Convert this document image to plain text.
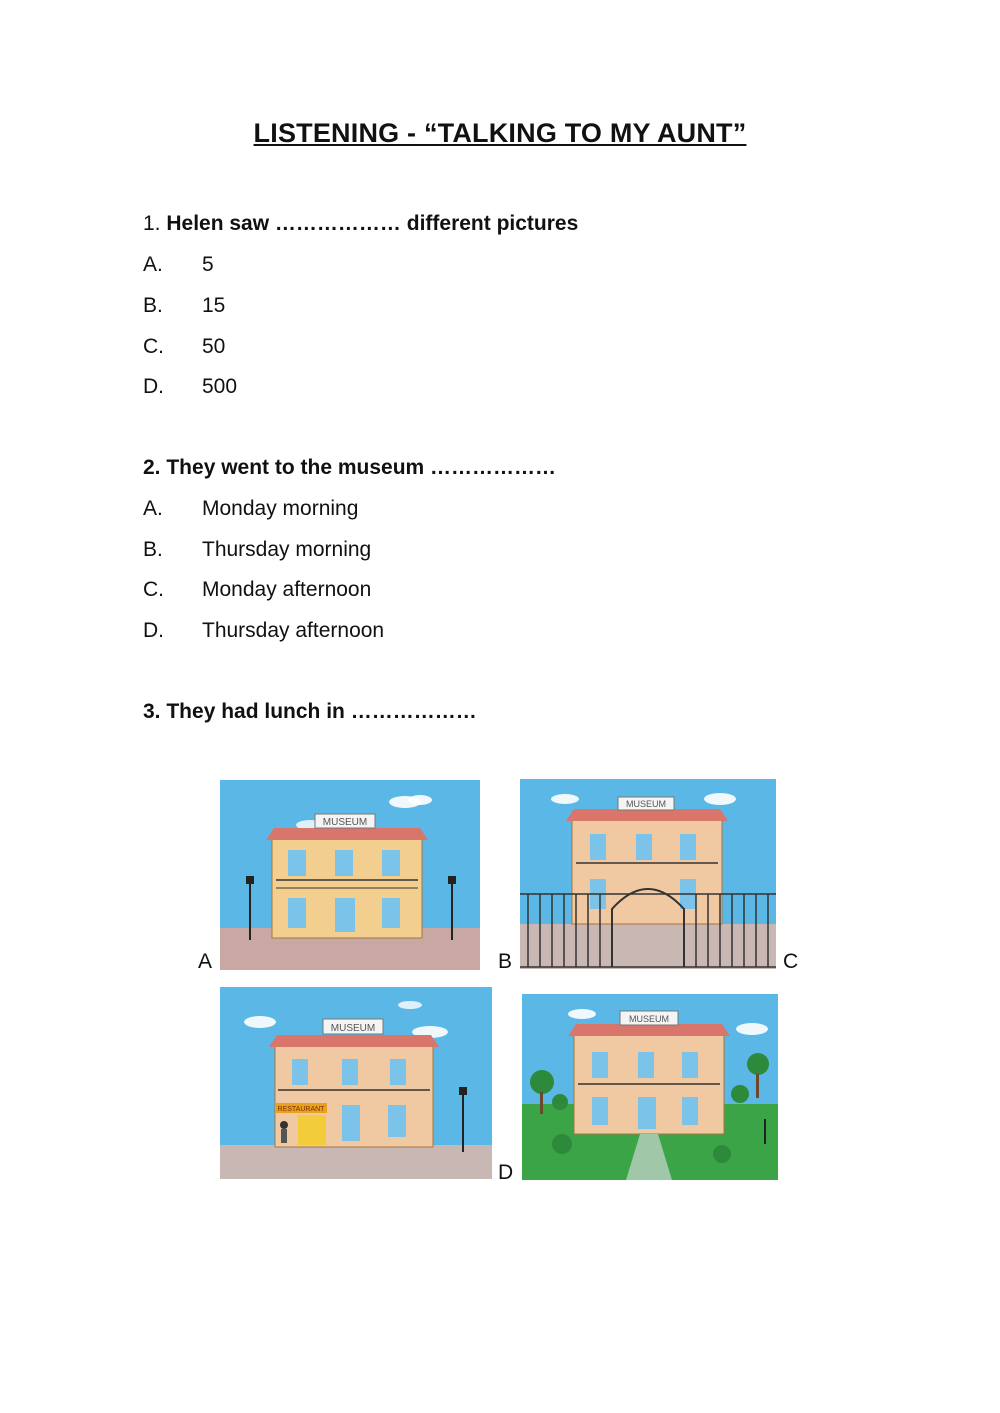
LISTENING - “TALKING TO MY AUNT”
1. Helen saw ……………… different pictures
A. 5
B. 15
C. 50
D. 500
2. They went to the museum ………………
A. Monday morning
B. Thursday morning
C. Monday afternoon
D. Thursday afternoon
3. They had lunch in ………………
MUSEUM
MUSEUM
MUSEUM
RESTAURANT
MUSEUM
A	B	C
D
